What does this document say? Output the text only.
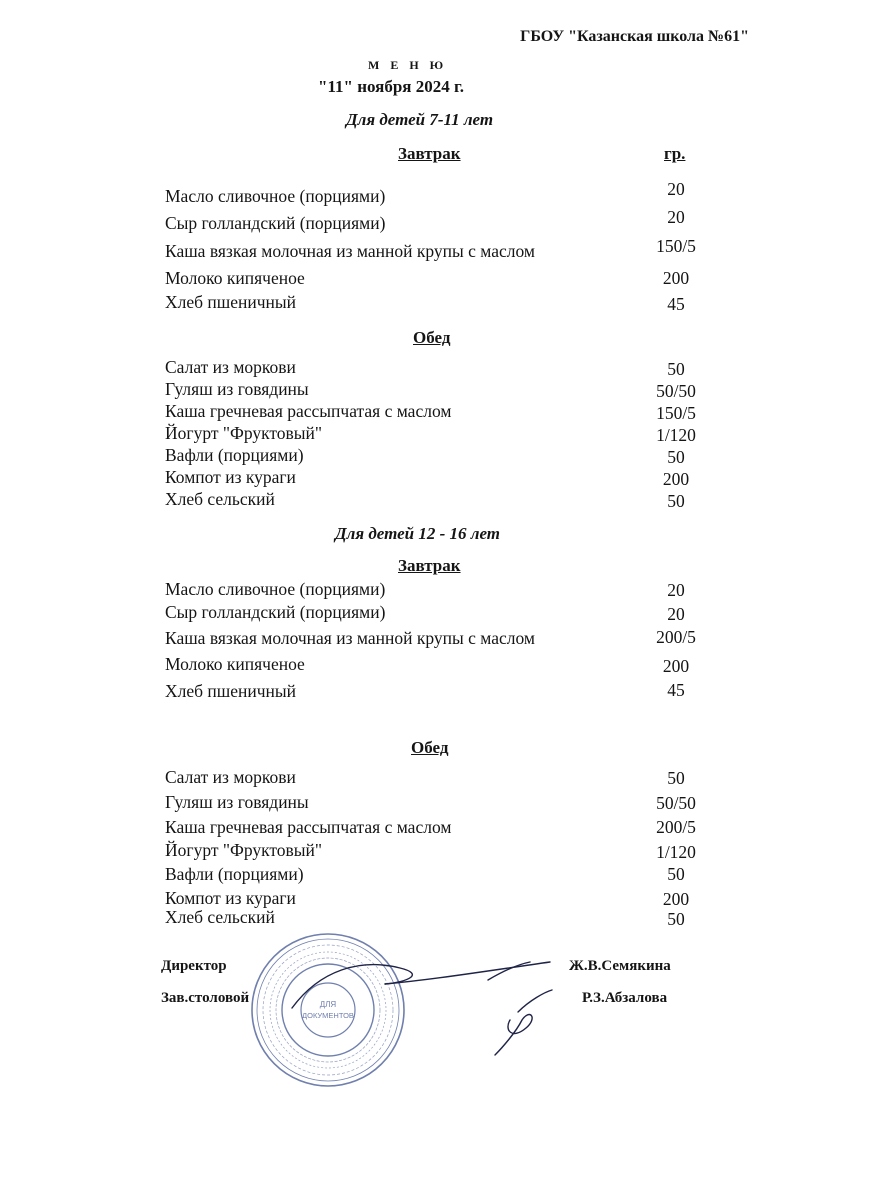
ГБОУ "Казанская школа №61"
М Е Н Ю
"11" ноября 2024 г.
Для детей 7-11 лет
Завтрак	гр.
Масло сливочное (порциями)	20
Сыр голландский (порциями)	20
Каша вязкая молочная из манной крупы с маслом	150/5
Молоко кипяченое	200
Хлеб пшеничный	45
Обед
Салат из моркови	50
Гуляш из говядины	50/50
Каша гречневая рассыпчатая с маслом	150/5
Йогурт "Фруктовый"	1/120
Вафли (порциями)	50
Компот из кураги	200
Хлеб сельский	50
Для детей 12 - 16 лет
Завтрак
Масло сливочное (порциями)	20
Сыр голландский (порциями)	20
Каша вязкая молочная из манной крупы с маслом	200/5
Молоко кипяченое	200
Хлеб пшеничный	45
Обед
Салат из моркови	50
Гуляш из говядины	50/50
Каша гречневая рассыпчатая с маслом	200/5
Йогурт "Фруктовый"	1/120
Вафли (порциями)	50
Компот из кураги	200
Хлеб сельский	50
Директор	Ж.В.Семякина
Зав.столовой	Р.З.Абзалова
ДЛЯ
ДОКУМЕНТОВ
